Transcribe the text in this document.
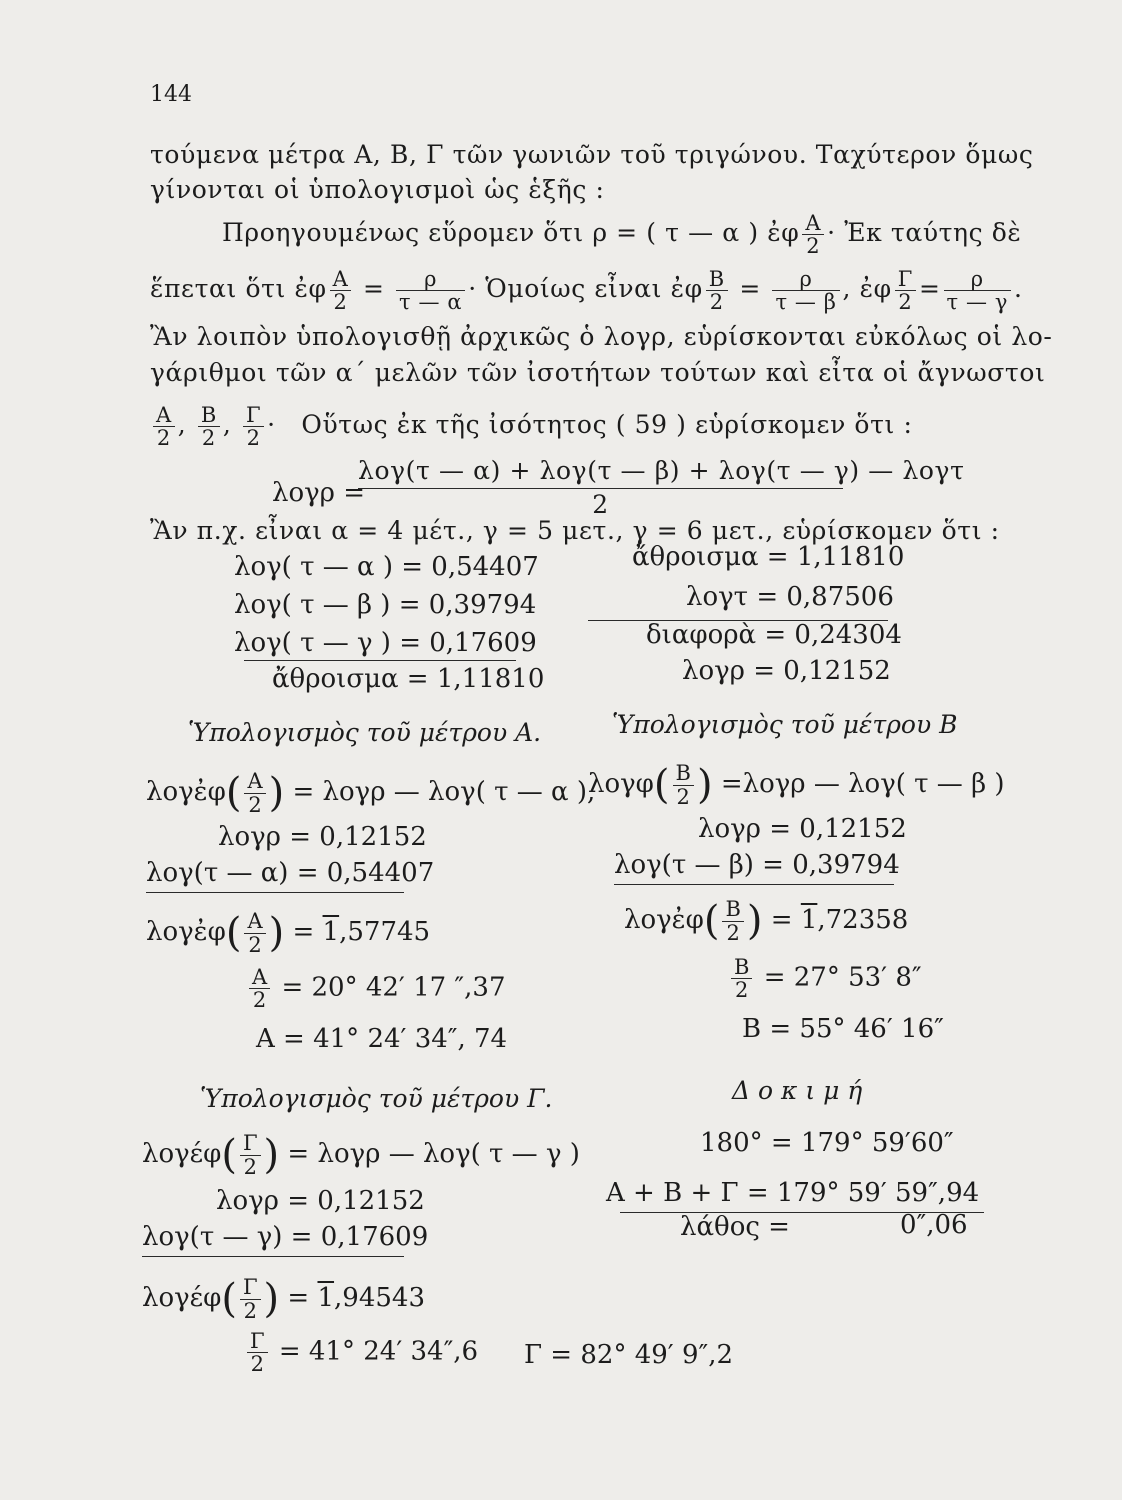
144
τούμενα μέτρα Α, Β, Γ τῶν γωνιῶν τοῦ τριγώνου. Ταχύτερον ὅμως
γίνονται οἱ ὑπολογισμοὶ ὡς ἑξῆς :
Προηγουμένως εὕρομεν ὅτι ρ = ( τ — α ) ἐφ $\frac{A}{2}$ · Ἐκ ταύτης δὲ
ἕπεται ὅτι ἐφ $\frac{A}{2} = \frac{\rho}{\tau — \alpha}$ · Ὁμοίως εἶναι ἐφ $\frac{B}{2} = \frac{\rho}{\tau — \beta}$ , ἐφ $\frac{\Gamma}{2} = \frac{\rho}{\tau — \gamma}$ .
Ἂν λοιπὸν ὑπολογισθῇ ἀρχικῶς ὁ λογρ, εὑρίσκονται εὐκόλως οἱ λο-
γάριθμοι τῶν α΄ μελῶν τῶν ἰσοτήτων τούτων καὶ εἶτα οἱ ἄγνωστοι
$\frac{A}{2}$ , $\frac{B}{2}$ , $\frac{\Gamma}{2}$ · Οὕτως ἐκ τῆς ἰσότητος ( 59 ) εὑρίσκομεν ὅτι :
λογρ =
λογ(τ — α) + λογ(τ — β) + λογ(τ — γ) — λογτ
2
Ἂν π.χ. εἶναι α = 4 μέτ., γ = 5 μετ., γ = 6 μετ., εὑρίσκομεν ὅτι :
λογ( τ — α ) = 0,54407
λογ( τ — β ) = 0,39794
λογ( τ — γ ) = 0,17609
ἄθροισμα = 1,11810
ἄθροισμα = 1,11810
λογτ = 0,87506
διαφορὰ = 0,24304
λογρ = 0,12152
Ὑπολογισμὸς τοῦ μέτρου Α.
λογἐφ( $\frac{A}{2}$ ) = λογρ — λογ( τ — α ),
λογρ = 0,12152
λογ(τ — α) = 0,54407
λογἐφ( $\frac{A}{2}$ ) = 1,57745
$\frac{A}{2} = 20^\circ$ 42′ 17 ″,37
Α = 41° 24′ 34″, 74
Ὑπολογισμὸς τοῦ μέτρου Β
$\lambda o\gamma\varphi( \frac{B}{2}$ ) =λογρ — λογ( τ — β )
λογρ = 0,12152
λογ(τ — β) = 0,39794
λογἐφ( $\frac{B}{2}$ ) = 1,72358
$\frac{B}{2} = 27^\circ$ 53′ 8″
Β = 55° 46′ 16″
Ὑπολογισμὸς τοῦ μέτρου Γ.
$\lambda o\gamma έ\varphi( \frac{\Gamma}{2}$ ) = λογρ — λογ( τ — γ )
λογρ = 0,12152
λογ(τ — γ) = 0,17609
$\lambda o\gamma έ\varphi( \frac{\Gamma}{2}$ ) = 1,94543
$\frac{\Gamma}{2} = 41^\circ$ 24′ 34″,6 Γ = 82° 49′ 9″,2
Δ ο κ ι μ ή
180° = 179° 59′60″
Α + Β + Γ = 179° 59′ 59″,94
λάθος =	0″,06
